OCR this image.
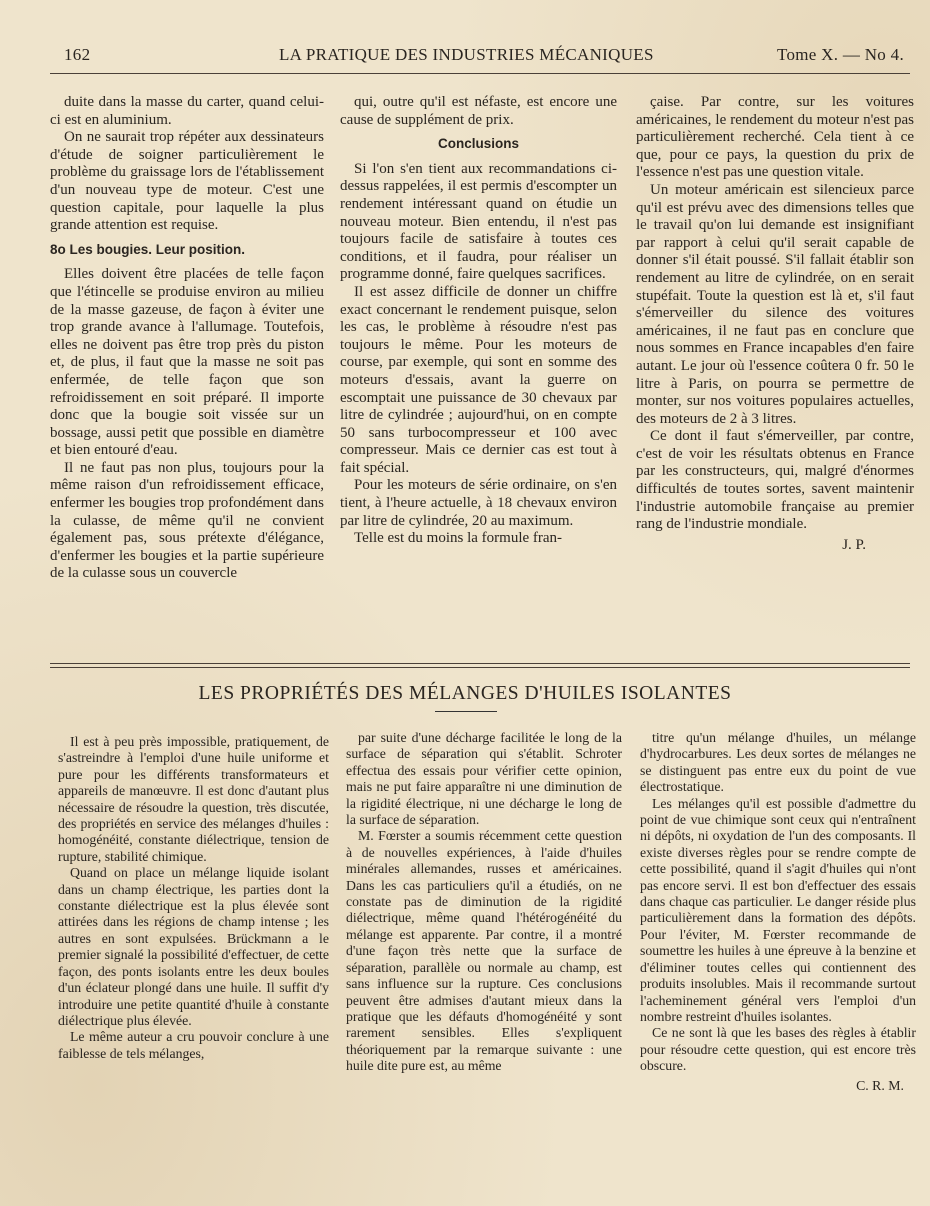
162	LA PRATIQUE DES INDUSTRIES MÉCANIQUES	Tome X. — No 4.

duite dans la masse du carter, quand celui-ci est en aluminium.

On ne saurait trop répéter aux dessinateurs d'étude de soigner particulièrement le problème du graissage lors de l'établissement d'un nouveau type de moteur. C'est une question capitale, pour laquelle la plus grande attention est requise.

8o Les bougies. Leur position.

Elles doivent être placées de telle façon que l'étincelle se produise environ au milieu de la masse gazeuse, de façon à éviter une trop grande avance à l'allumage. Toutefois, elles ne doivent pas être trop près du piston et, de plus, il faut que la masse ne soit pas enfermée, de telle façon que son refroidissement en soit préparé. Il importe donc que la bougie soit vissée sur un bossage, aussi petit que possible en diamètre et bien entouré d'eau.

Il ne faut pas non plus, toujours pour la même raison d'un refroidissement efficace, enfermer les bougies trop profondément dans la culasse, de même qu'il ne convient également pas, sous prétexte d'élégance, d'enfermer les bougies et la partie supérieure de la culasse sous un couvercle

qui, outre qu'il est néfaste, est encore une cause de supplément de prix.

Conclusions

Si l'on s'en tient aux recommandations ci-dessus rappelées, il est permis d'escompter un rendement intéressant quand on étudie un nouveau moteur. Bien entendu, il n'est pas toujours facile de satisfaire à toutes ces conditions, et il faudra, pour réaliser un programme donné, faire quelques sacrifices.

Il est assez difficile de donner un chiffre exact concernant le rendement puisque, selon les cas, le problème à résoudre n'est pas toujours le même. Pour les moteurs de course, par exemple, qui sont en somme des moteurs d'essais, avant la guerre on escomptait une puissance de 30 chevaux par litre de cylindrée ; aujourd'hui, on en compte 50 sans turbocompresseur et 100 avec compresseur. Mais ce dernier cas est tout à fait spécial.

Pour les moteurs de série ordinaire, on s'en tient, à l'heure actuelle, à 18 chevaux environ par litre de cylindrée, 20 au maximum.

Telle est du moins la formule fran-

çaise. Par contre, sur les voitures américaines, le rendement du moteur n'est pas particulièrement recherché. Cela tient à ce que, pour ce pays, la question du prix de l'essence n'est pas une question vitale.

Un moteur américain est silencieux parce qu'il est prévu avec des dimensions telles que le travail qu'on lui demande est insignifiant par rapport à celui qu'il serait capable de donner s'il était poussé. S'il fallait établir son rendement au litre de cylindrée, on en serait stupéfait. Toute la question est là et, s'il faut s'émerveiller du silence des voitures américaines, il ne faut pas en conclure que nous sommes en France incapables d'en faire autant. Le jour où l'essence coûtera 0 fr. 50 le litre à Paris, on pourra se permettre de monter, sur nos voitures populaires actuelles, des moteurs de 2 à 3 litres.

Ce dont il faut s'émerveiller, par contre, c'est de voir les résultats obtenus en France par les constructeurs, qui, malgré d'énormes difficultés de toutes sortes, savent maintenir l'industrie automobile française au premier rang de l'industrie mondiale.

J. P.

LES PROPRIÉTÉS DES MÉLANGES D'HUILES ISOLANTES

Il est à peu près impossible, pratiquement, de s'astreindre à l'emploi d'une huile uniforme et pure pour les différents transformateurs et appareils de manœuvre. Il est donc d'autant plus nécessaire de résoudre la question, très discutée, des propriétés en service des mélanges d'huiles : homogénéité, constante diélectrique, tension de rupture, stabilité chimique.

Quand on place un mélange liquide isolant dans un champ électrique, les parties dont la constante diélectrique est la plus élevée sont attirées dans les régions de champ intense ; les autres en sont expulsées. Brückmann a le premier signalé la possibilité d'effectuer, de cette façon, des ponts isolants entre les deux boules d'un éclateur plongé dans une huile. Il suffit d'y introduire une petite quantité d'huile à constante diélectrique plus élevée.

Le même auteur a cru pouvoir conclure à une faiblesse de tels mélanges,

par suite d'une décharge facilitée le long de la surface de séparation qui s'établit. Schroter effectua des essais pour vérifier cette opinion, mais ne put faire apparaître ni une diminution de la rigidité électrique, ni une décharge le long de la surface de séparation.

M. Fœrster a soumis récemment cette question à de nouvelles expériences, à l'aide d'huiles minérales allemandes, russes et américaines. Dans les cas particuliers qu'il a étudiés, on ne constate pas de diminution de la rigidité diélectrique, même quand l'hétérogénéité du mélange est apparente. Par contre, il a montré d'une façon très nette que la surface de séparation, parallèle ou normale au champ, est sans influence sur la rupture. Ces conclusions peuvent être admises d'autant mieux dans la pratique que les défauts d'homogénéité y sont rarement sensibles. Elles s'expliquent théoriquement par la remarque suivante : une huile dite pure est, au même

titre qu'un mélange d'huiles, un mélange d'hydrocarbures. Les deux sortes de mélanges ne se distinguent pas entre eux du point de vue électrostatique.

Les mélanges qu'il est possible d'admettre du point de vue chimique sont ceux qui n'entraînent ni dépôts, ni oxydation de l'un des composants. Il existe diverses règles pour se rendre compte de cette possibilité, quand il s'agit d'huiles qui n'ont pas encore servi. Il est bon d'effectuer des essais dans chaque cas particulier. Le danger réside plus particulièrement dans la formation des dépôts. Pour l'éviter, M. Fœrster recommande de soumettre les huiles à une épreuve à la benzine et d'éliminer toutes celles qui contiennent des produits insolubles. Mais il recommande surtout l'acheminement général vers l'emploi d'un nombre restreint d'huiles isolantes.

Ce ne sont là que les bases des règles à établir pour résoudre cette question, qui est encore très obscure.

C. R. M.
